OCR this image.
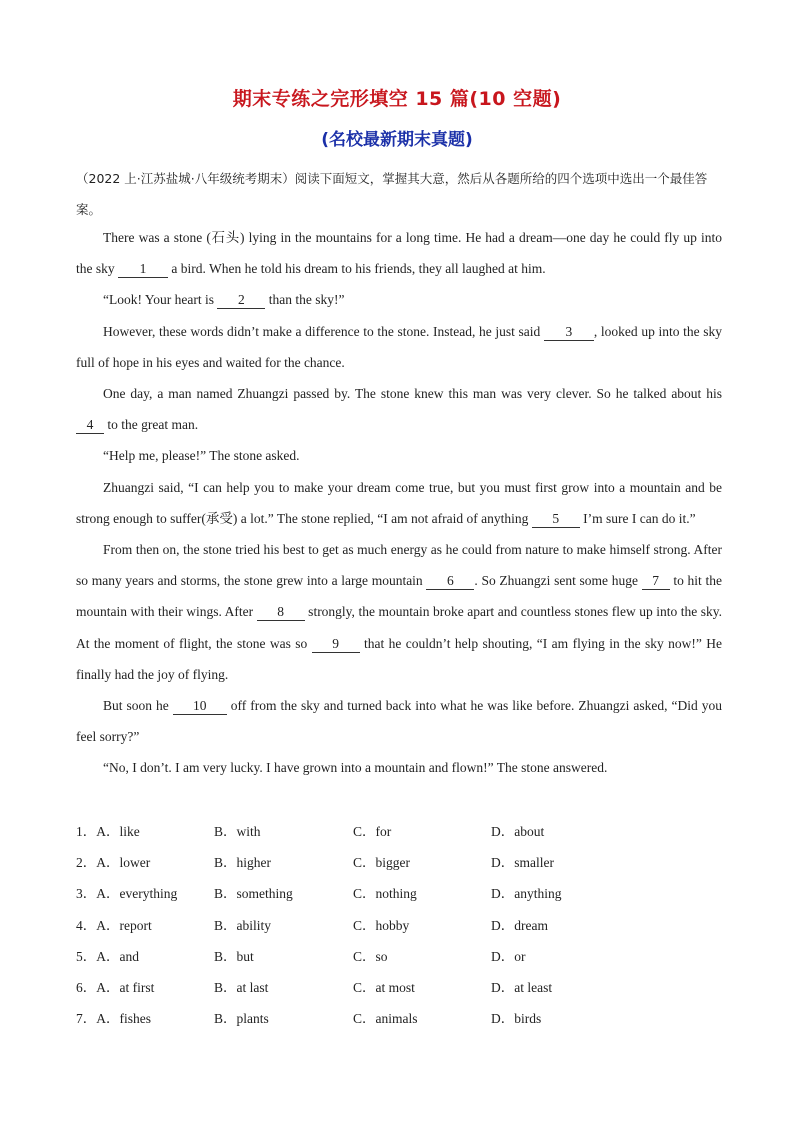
期末专练之完形填空 15 篇(10 空题)
(名校最新期末真题)
（2022 上·江苏盐城·八年级统考期末）阅读下面短文，掌握其大意，然后从各题所给的四个选项中选出一个最佳答案。

There was a stone (石头) lying in the mountains for a long time. He had a dream—one day he could fly up into the sky 1 a bird. When he told his dream to his friends, they all laughed at him.

“Look! Your heart is 2 than the sky!”

However, these words didn’t make a difference to the stone. Instead, he just said 3 , looked up into the sky full of hope in his eyes and waited for the chance.

One day, a man named Zhuangzi passed by. The stone knew this man was very clever. So he talked about his 4 to the great man.

“Help me, please!” The stone asked.

Zhuangzi said, “I can help you to make your dream come true, but you must first grow into a mountain and be strong enough to suffer(承受) a lot.” The stone replied, “I am not afraid of anything 5 I’m sure I can do it.”

From then on, the stone tried his best to get as much energy as he could from nature to make himself strong. After so many years and storms, the stone grew into a large mountain 6 . So Zhuangzi sent some huge 7 to hit the mountain with their wings. After 8 strongly, the mountain broke apart and countless stones flew up into the sky. At the moment of flight, the stone was so 9 that he couldn’t help shouting, “I am flying in the sky now!” He finally had the joy of flying.

But soon he 10 off from the sky and turned back into what he was like before. Zhuangzi asked, “Did you feel sorry?”

“No, I don’t. I am very lucky. I have grown into a mountain and flown!” The stone answered.

1．A．like	B．with	C．for	D．about
2．A．lower	B．higher	C．bigger	D．smaller
3．A．everything	B．something	C．nothing	D．anything
4．A．report	B．ability	C．hobby	D．dream
5．A．and	B．but	C．so	D．or
6．A．at first	B．at last	C．at most	D．at least
7．A．fishes	B．plants	C．animals	D．birds
